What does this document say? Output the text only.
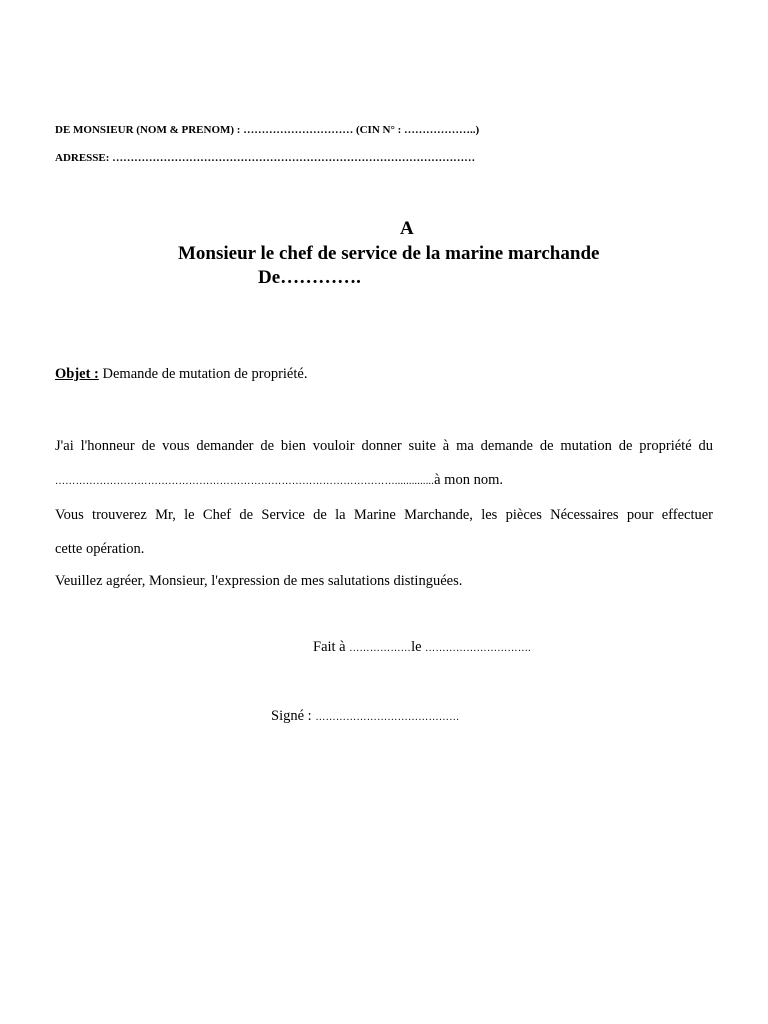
DE MONSIEUR (NOM & PRENOM) : ………………………… (CIN N° : ………………..)

ADRESSE: ………………………………………………………………………………………

A

Monsieur le chef de service de la marine marchande

De………….

Objet : Demande de mutation de propriété.

J'ai l'honneur de vous demander de bien vouloir donner suite à ma demande de mutation de propriété du

………………………………………………………………………………………..............à mon nom.

Vous trouverez Mr, le Chef de Service de la Marine Marchande, les pièces Nécessaires pour effectuer

cette opération.

Veuillez agréer, Monsieur, l'expression de mes salutations distinguées.

Fait à ………………le ………………………….

Signé : ……………………………………
